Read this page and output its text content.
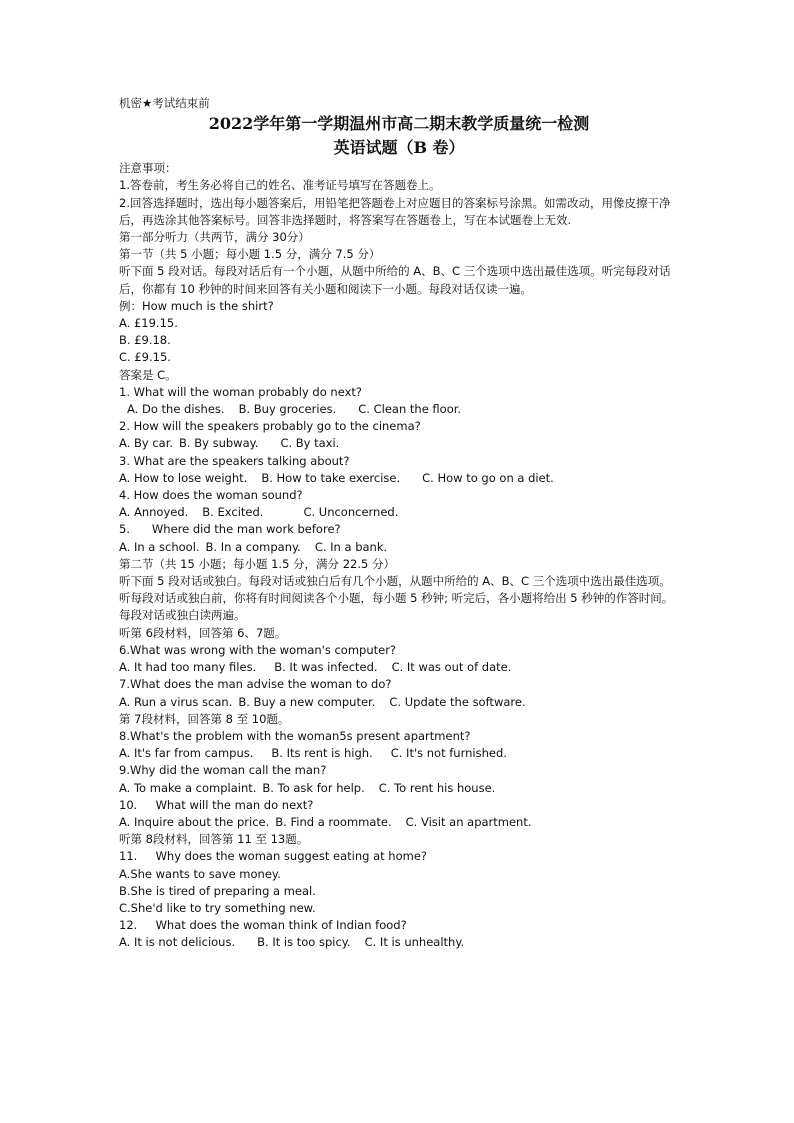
机密★考试结束前
2022学年第一学期温州市高二期末教学质量统一检测
英语试题（B 卷）
注意事项：
1.答卷前，考生务必将自己的姓名、准考证号填写在答题卷上。
2.回答选择题时，选出每小题答案后，用铅笔把答题卷上对应题目的答案标号涂黑。如需改动，用像皮擦干净后，再选涂其他答案标号。回答非选择题时，将答案写在答题卷上，写在本试题卷上无效.
第一部分听力（共两节，满分 30分）
第一节（共 5 小题；每小题 1.5 分，满分 7.5 分）
听下面 5 段对话。每段对话后有一个小题，从题中所给的 A、B、C 三个选项中选出最佳选项。听完每段对话后，你都有 10 秒钟的时间来回答有关小题和阅读下一小题。每段对话仅读一遍。
例：How much is the shirt?
A. £19.15.
B. £9.18.
C. £9.15.
答案是 C。
1. What will the woman probably do next?
A. Do the dishes. B. Buy groceries. C. Clean the floor.
2. How will the speakers probably go to the cinema?
A. By car. B. By subway. C. By taxi.
3. What are the speakers talking about?
A. How to lose weight. B. How to take exercise. C. How to go on a diet.
4. How does the woman sound?
A. Annoyed. B. Excited.	C. Unconcerned.
5.      Where did the man work before?
A. In a school. B. In a company. C. In a bank.
第二节（共 15 小题；每小题 1.5 分，满分 22.5 分）
听下面 5 段对话或独白。每段对话或独白后有几个小题，从题中所给的 A、B、C 三个选项中选出最佳选项。听每段对话或独白前，你将有时间阅读各个小题，每小题 5 秒钟; 听完后，各小题将给出 5 秒钟的作答时间。每段对话或独白读两遍。
听第 6段材料，回答第 6、7题。
6.What was wrong with the woman's computer?
A. It had too many files. B. It was infected. C. It was out of date.
7.What does the man advise the woman to do?
A. Run a virus scan. B. Buy a new computer. C. Update the software.
第 7段材料，回答第 8 至 10题。
8.What's the problem with the woman5s present apartment?
A. It's far from campus. B. Its rent is high. C. It's not furnished.
9.Why did the woman call the man?
A. To make a complaint. B. To ask for help. C. To rent his house.
10.     What will the man do next?
A. Inquire about the price. B. Find a roommate. C. Visit an apartment.
听第 8段材料，回答第 11 至 13题。
11.     Why does the woman suggest eating at home?
A.She wants to save money.
B.She is tired of preparing a meal.
C.She'd like to try something new.
12.     What does the woman think of Indian food?
A. It is not delicious. B. It is too spicy. C. It is unhealthy.
